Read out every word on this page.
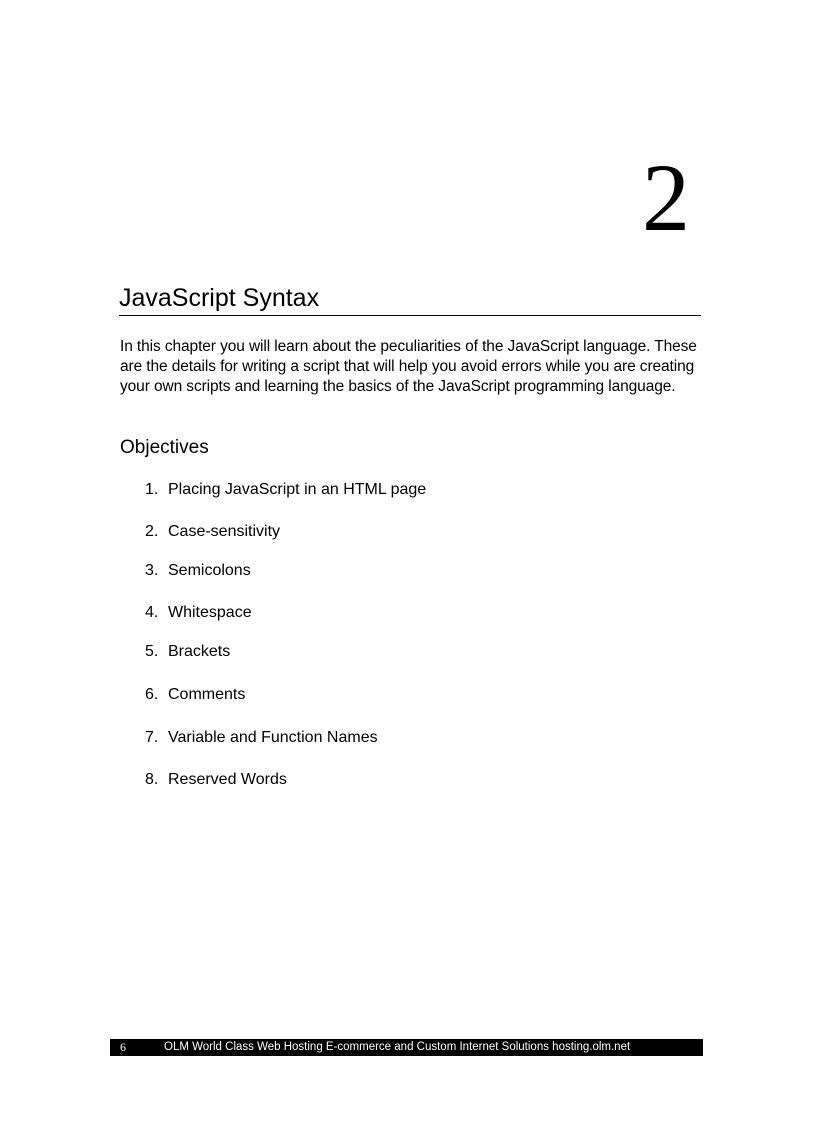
2
JavaScript Syntax

In this chapter you will learn about the peculiarities of the JavaScript language. These are the details for writing a script that will help you avoid errors while you are creating your own scripts and learning the basics of the JavaScript programming language.

Objectives
1. Placing JavaScript in an HTML page
2. Case-sensitivity
3. Semicolons
4. Whitespace
5. Brackets
6. Comments
7. Variable and Function Names
8. Reserved Words
6	OLM World Class Web Hosting E-commerce and Custom Internet Solutions hosting.olm.net
